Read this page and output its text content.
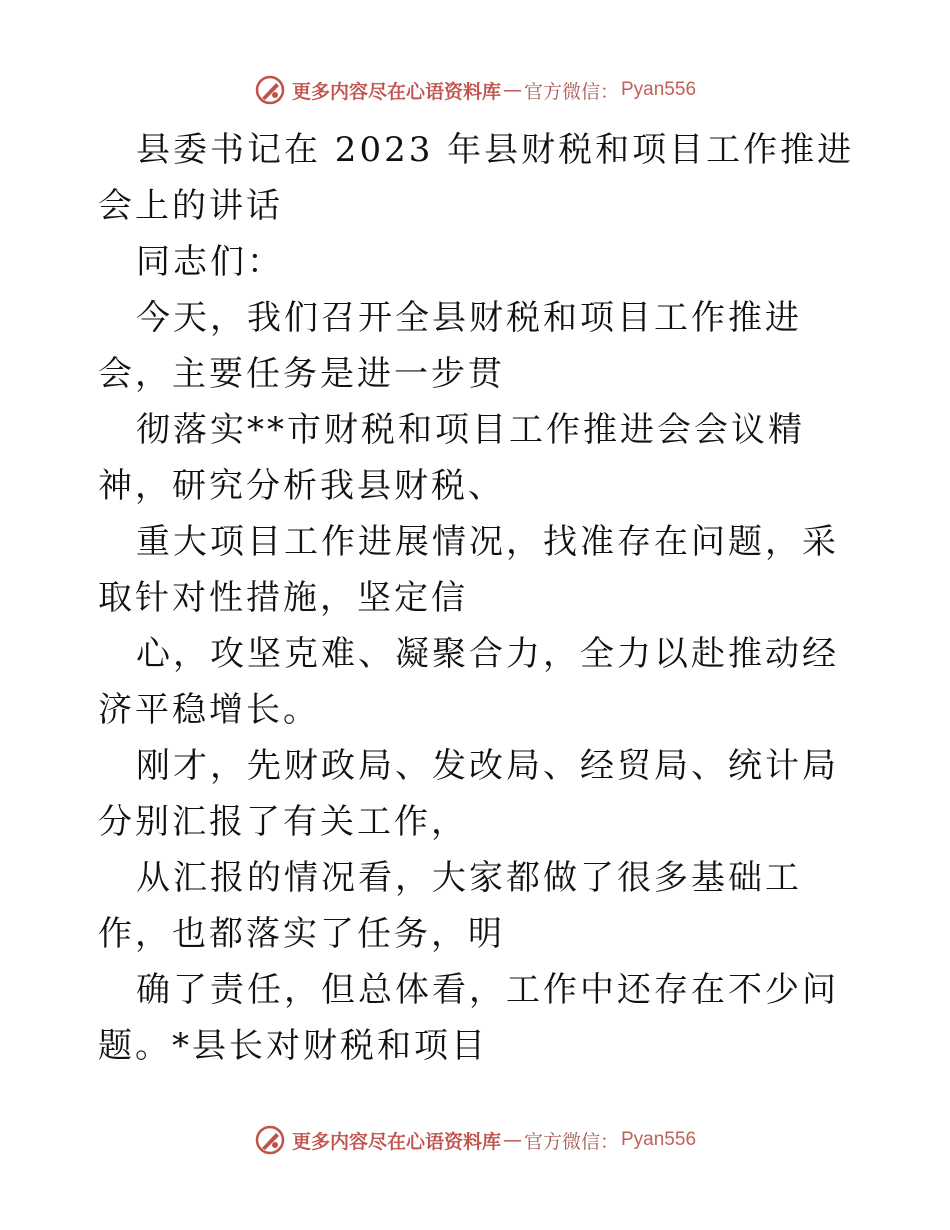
更多内容尽在心语资料库 — 官方微信： Pyan556

县委书记在 2023 年县财税和项目工作推进会上的讲话

同志们：

今天，我们召开全县财税和项目工作推进会，主要任务是进一步贯

彻落实**市财税和项目工作推进会会议精神，研究分析我县财税、

重大项目工作进展情况，找准存在问题，采取针对性措施，坚定信

心，攻坚克难、凝聚合力，全力以赴推动经济平稳增长。

刚才，先财政局、发改局、经贸局、统计局分别汇报了有关工作，

从汇报的情况看，大家都做了很多基础工作，也都落实了任务，明

确了责任，但总体看，工作中还存在不少问题。*县长对财税和项目

更多内容尽在心语资料库 — 官方微信： Pyan556
